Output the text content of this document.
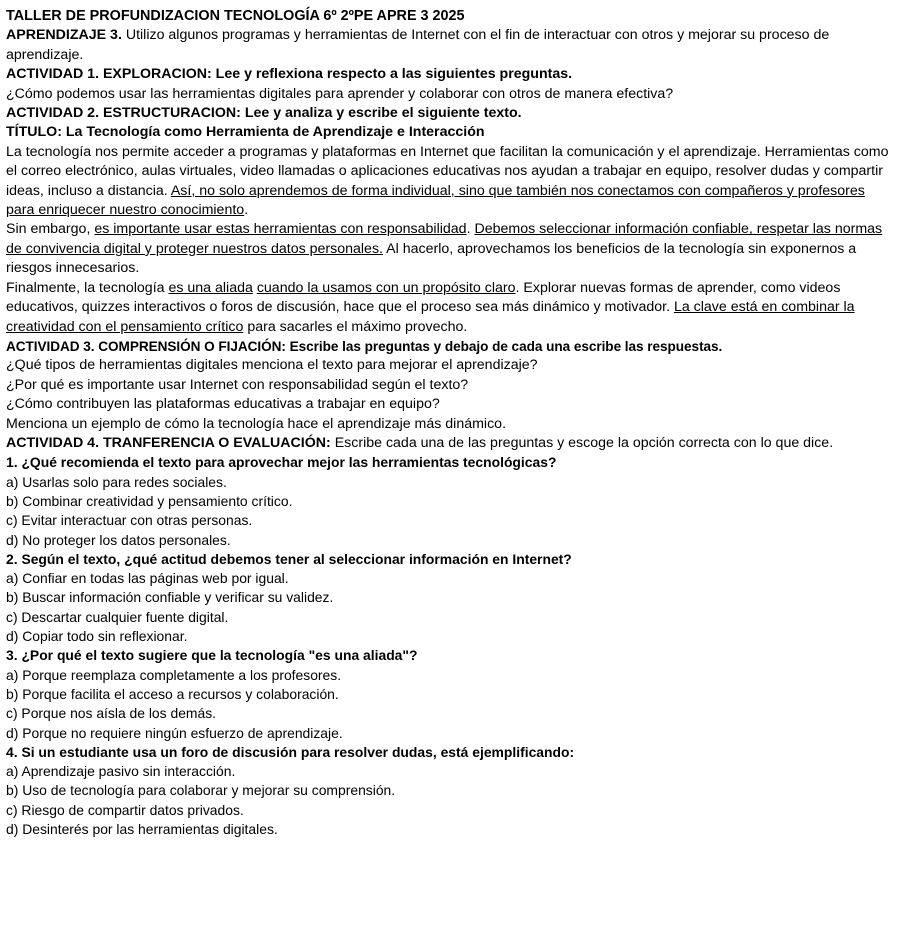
TALLER DE PROFUNDIZACION TECNOLOGÍA 6º 2ºPE APRE 3 2025

APRENDIZAJE 3. Utilizo algunos programas y herramientas de Internet con el fin de interactuar con otros y mejorar su proceso de aprendizaje.

ACTIVIDAD 1. EXPLORACION: Lee y reflexiona respecto a las siguientes preguntas.

¿Cómo podemos usar las herramientas digitales para aprender y colaborar con otros de manera efectiva?

ACTIVIDAD 2. ESTRUCTURACION: Lee y analiza y escribe el siguiente texto.

TÍTULO: La Tecnología como Herramienta de Aprendizaje e Interacción

La tecnología nos permite acceder a programas y plataformas en Internet que facilitan la comunicación y el aprendizaje. Herramientas como el correo electrónico, aulas virtuales, video llamadas o aplicaciones educativas nos ayudan a trabajar en equipo, resolver dudas y compartir ideas, incluso a distancia. Así, no solo aprendemos de forma individual, sino que también nos conectamos con compañeros y profesores para enriquecer nuestro conocimiento.

Sin embargo, es importante usar estas herramientas con responsabilidad. Debemos seleccionar información confiable, respetar las normas de convivencia digital y proteger nuestros datos personales. Al hacerlo, aprovechamos los beneficios de la tecnología sin exponernos a riesgos innecesarios.

Finalmente, la tecnología es una aliada cuando la usamos con un propósito claro. Explorar nuevas formas de aprender, como videos educativos, quizzes interactivos o foros de discusión, hace que el proceso sea más dinámico y motivador. La clave está en combinar la creatividad con el pensamiento crítico para sacarles el máximo provecho.

ACTIVIDAD 3. COMPRENSIÓN O FIJACIÓN: Escribe las preguntas y debajo de cada una escribe las respuestas.

¿Qué tipos de herramientas digitales menciona el texto para mejorar el aprendizaje?

¿Por qué es importante usar Internet con responsabilidad según el texto?

¿Cómo contribuyen las plataformas educativas a trabajar en equipo?

Menciona un ejemplo de cómo la tecnología hace el aprendizaje más dinámico.

ACTIVIDAD 4. TRANFERENCIA O EVALUACIÓN: Escribe cada una de las preguntas y escoge la opción correcta con lo que dice.

1. ¿Qué recomienda el texto para aprovechar mejor las herramientas tecnológicas?

a) Usarlas solo para redes sociales.

b) Combinar creatividad y pensamiento crítico.

c) Evitar interactuar con otras personas.

d) No proteger los datos personales.

2. Según el texto, ¿qué actitud debemos tener al seleccionar información en Internet?

a) Confiar en todas las páginas web por igual.

b) Buscar información confiable y verificar su validez.

c) Descartar cualquier fuente digital.

d) Copiar todo sin reflexionar.

3. ¿Por qué el texto sugiere que la tecnología "es una aliada"?

a) Porque reemplaza completamente a los profesores.

b) Porque facilita el acceso a recursos y colaboración.

c) Porque nos aísla de los demás.

d) Porque no requiere ningún esfuerzo de aprendizaje.

4. Si un estudiante usa un foro de discusión para resolver dudas, está ejemplificando:

a) Aprendizaje pasivo sin interacción.

b) Uso de tecnología para colaborar y mejorar su comprensión.

c) Riesgo de compartir datos privados.

d) Desinterés por las herramientas digitales.
